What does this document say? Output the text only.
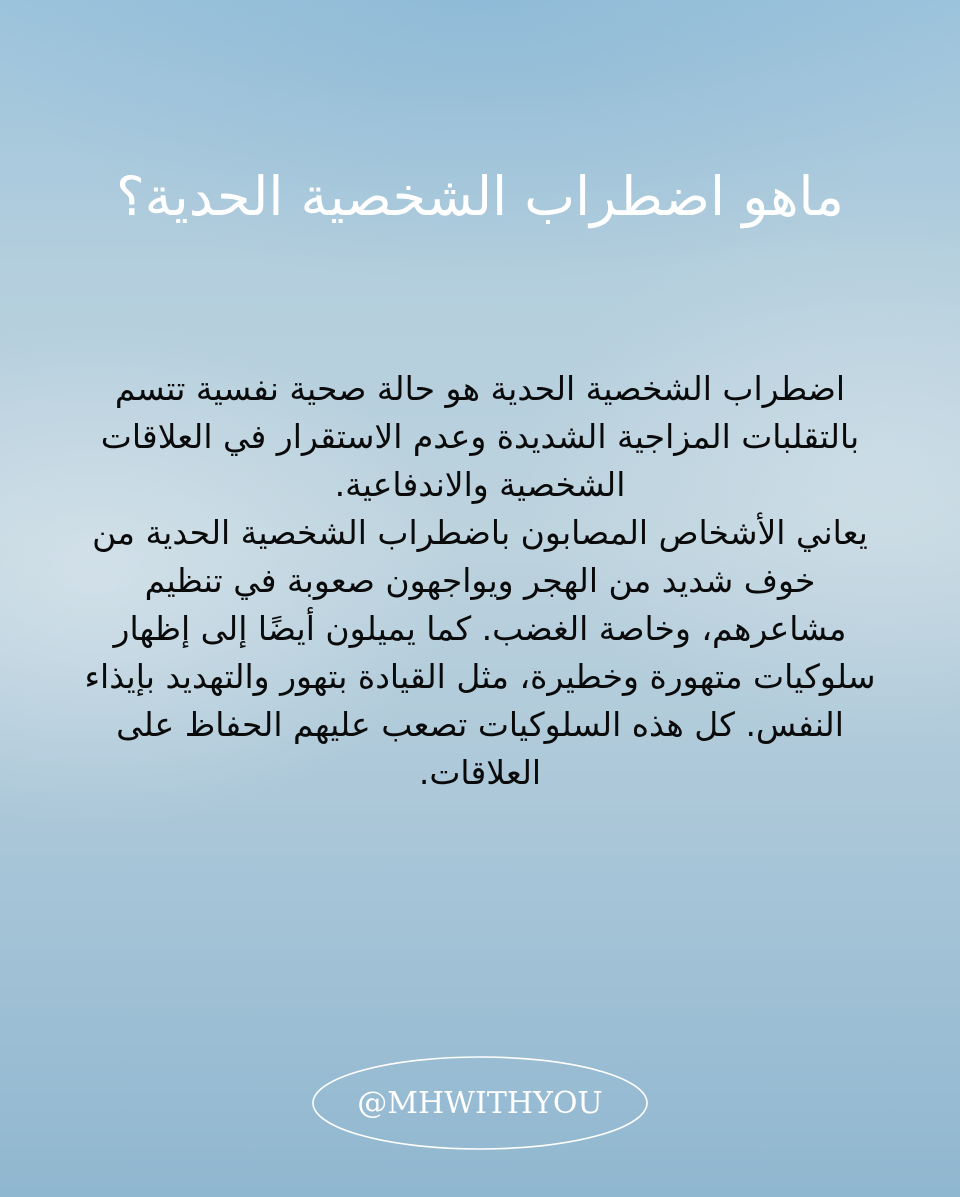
ماهو اضطراب الشخصية الحدية؟

اضطراب الشخصية الحدية هو حالة صحية نفسية تتسم بالتقلبات المزاجية الشديدة وعدم الاستقرار في العلاقات الشخصية والاندفاعية.

يعاني الأشخاص المصابون باضطراب الشخصية الحدية من خوف شديد من الهجر ويواجهون صعوبة في تنظيم مشاعرهم، وخاصة الغضب. كما يميلون أيضًا إلى إظهار سلوكيات متهورة وخطيرة، مثل القيادة بتهور والتهديد بإيذاء النفس. كل هذه السلوكيات تصعب عليهم الحفاظ على العلاقات.

@MHWITHYOU
